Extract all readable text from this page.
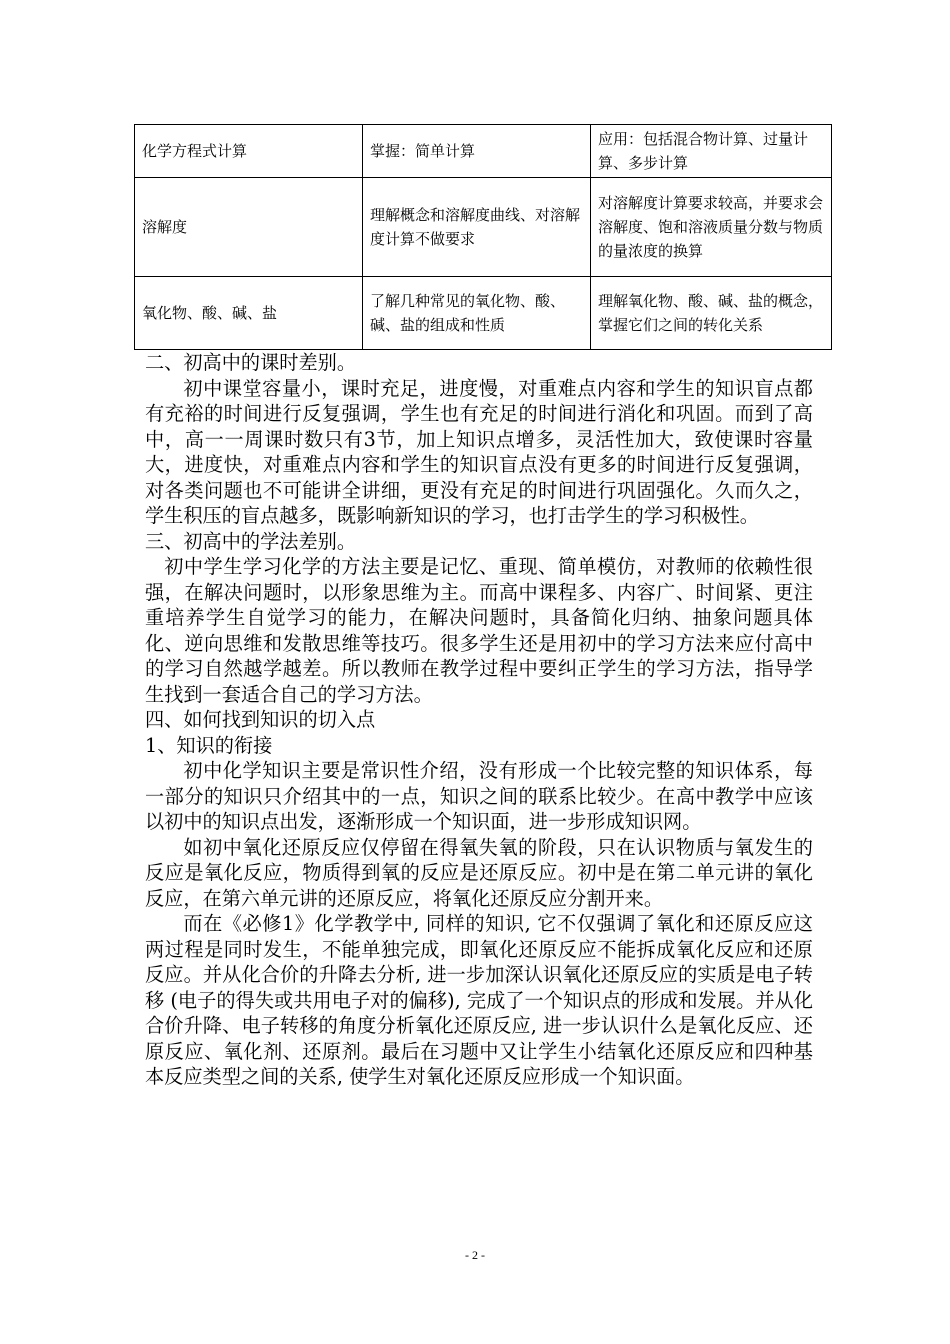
化学方程式计算	掌握：简单计算	应用：包括混合物计算、过量计算、多步计算
溶解度	理解概念和溶解度曲线、对溶解度计算不做要求	对溶解度计算要求较高，并要求会溶解度、饱和溶液质量分数与物质的量浓度的换算
氧化物、酸、碱、盐	了解几种常见的氧化物、酸、碱、盐的组成和性质	理解氧化物、酸、碱、盐的概念，掌握它们之间的转化关系

二、初高中的课时差别。

初中课堂容量小，课时充足，进度慢，对重难点内容和学生的知识盲点都有充裕的时间进行反复强调，学生也有充足的时间进行消化和巩固。而到了高中，高一一周课时数只有3节，加上知识点增多，灵活性加大，致使课时容量大，进度快，对重难点内容和学生的知识盲点没有更多的时间进行反复强调，对各类问题也不可能讲全讲细，更没有充足的时间进行巩固强化。久而久之，学生积压的盲点越多，既影响新知识的学习，也打击学生的学习积极性。

三、初高中的学法差别。

初中学生学习化学的方法主要是记忆、重现、简单模仿，对教师的依赖性很强，在解决问题时，以形象思维为主。而高中课程多、内容广、时间紧、更注重培养学生自觉学习的能力，在解决问题时，具备简化归纳、抽象问题具体化、逆向思维和发散思维等技巧。很多学生还是用初中的学习方法来应付高中的学习自然越学越差。所以教师在教学过程中要纠正学生的学习方法，指导学生找到一套适合自己的学习方法。

四、如何找到知识的切入点

1、知识的衔接

初中化学知识主要是常识性介绍，没有形成一个比较完整的知识体系，每一部分的知识只介绍其中的一点，知识之间的联系比较少。在高中教学中应该以初中的知识点出发，逐渐形成一个知识面，进一步形成知识网。

如初中氧化还原反应仅停留在得氧失氧的阶段，只在认识物质与氧发生的反应是氧化反应，物质得到氧的反应是还原反应。初中是在第二单元讲的氧化反应，在第六单元讲的还原反应，将氧化还原反应分割开来。

而在《必修1》化学教学中, 同样的知识, 它不仅强调了氧化和还原反应这两过程是同时发生，不能单独完成，即氧化还原反应不能拆成氧化反应和还原反应。并从化合价的升降去分析, 进一步加深认识氧化还原反应的实质是电子转移 (电子的得失或共用电子对的偏移), 完成了一个知识点的形成和发展。并从化合价升降、电子转移的角度分析氧化还原反应, 进一步认识什么是氧化反应、还原反应、氧化剂、还原剂。最后在习题中又让学生小结氧化还原反应和四种基本反应类型之间的关系, 使学生对氧化还原反应形成一个知识面。

- 2 -
